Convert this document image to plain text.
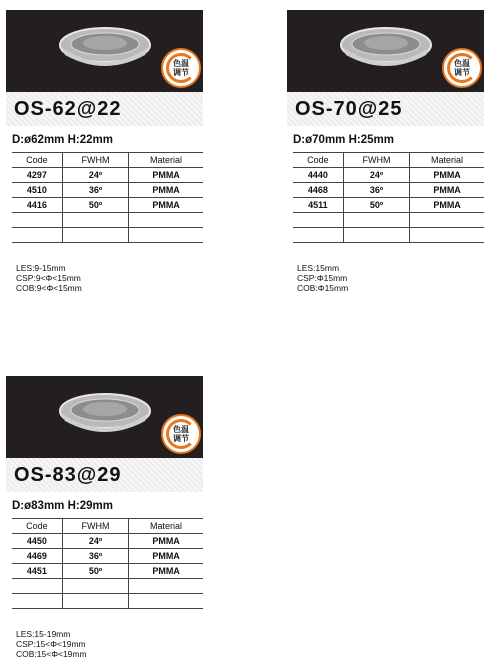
色温
调节
OS-62@22
D:ø62mm H:22mm
Code	FWHM	Material
4297	24º	PMMA
4510	36º	PMMA
4416	50º	PMMA

LES:9-15mm
CSP:9<Φ<15mm
COB:9<Φ<15mm
色温
调节
OS-70@25
D:ø70mm H:25mm
Code	FWHM	Material
4440	24º	PMMA
4468	36º	PMMA
4511	50º	PMMA

LES:15mm
CSP:Φ15mm
COB:Φ15mm
色温
调节
OS-83@29
D:ø83mm H:29mm
Code	FWHM	Material
4450	24º	PMMA
4469	36º	PMMA
4451	50º	PMMA

LES:15-19mm
CSP:15<Φ<19mm
COB:15<Φ<19mm
